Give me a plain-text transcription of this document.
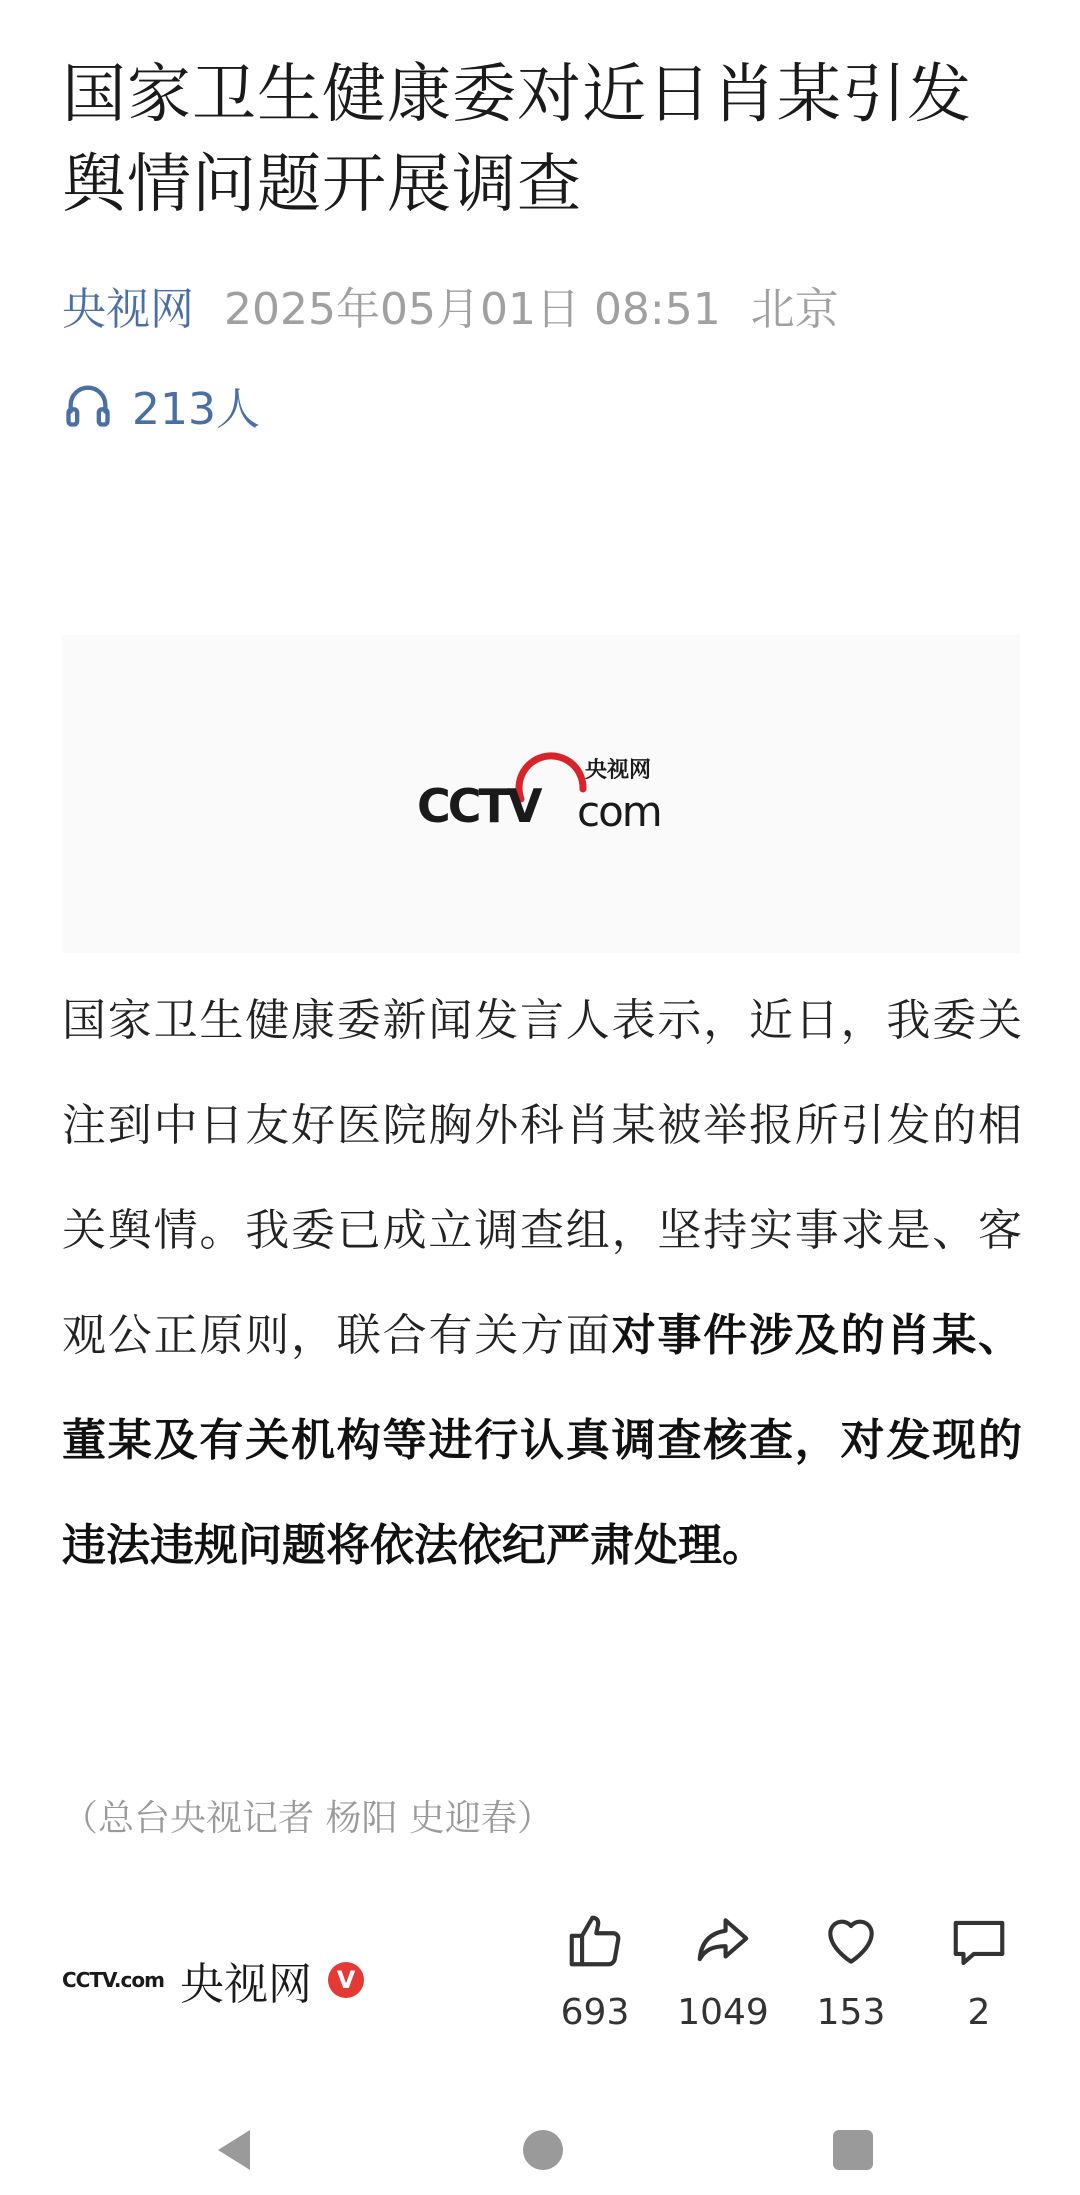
国家卫生健康委对近日肖某引发舆情问题开展调查
央视网 2025年05月01日 08:51 北京
213人
CCTV com
央视网

国家卫生健康委新闻发言人表示，近日，我委关注到中日友好医院胸外科肖某被举报所引发的相关舆情。我委已成立调查组，坚持实事求是、客观公正原则，联合有关方面对事件涉及的肖某、董某及有关机构等进行认真调查核查，对发现的违法违规问题将依法依纪严肃处理。

（总台央视记者 杨阳 史迎春）
CCTV.com 央视网	V
693	1049	153	2
